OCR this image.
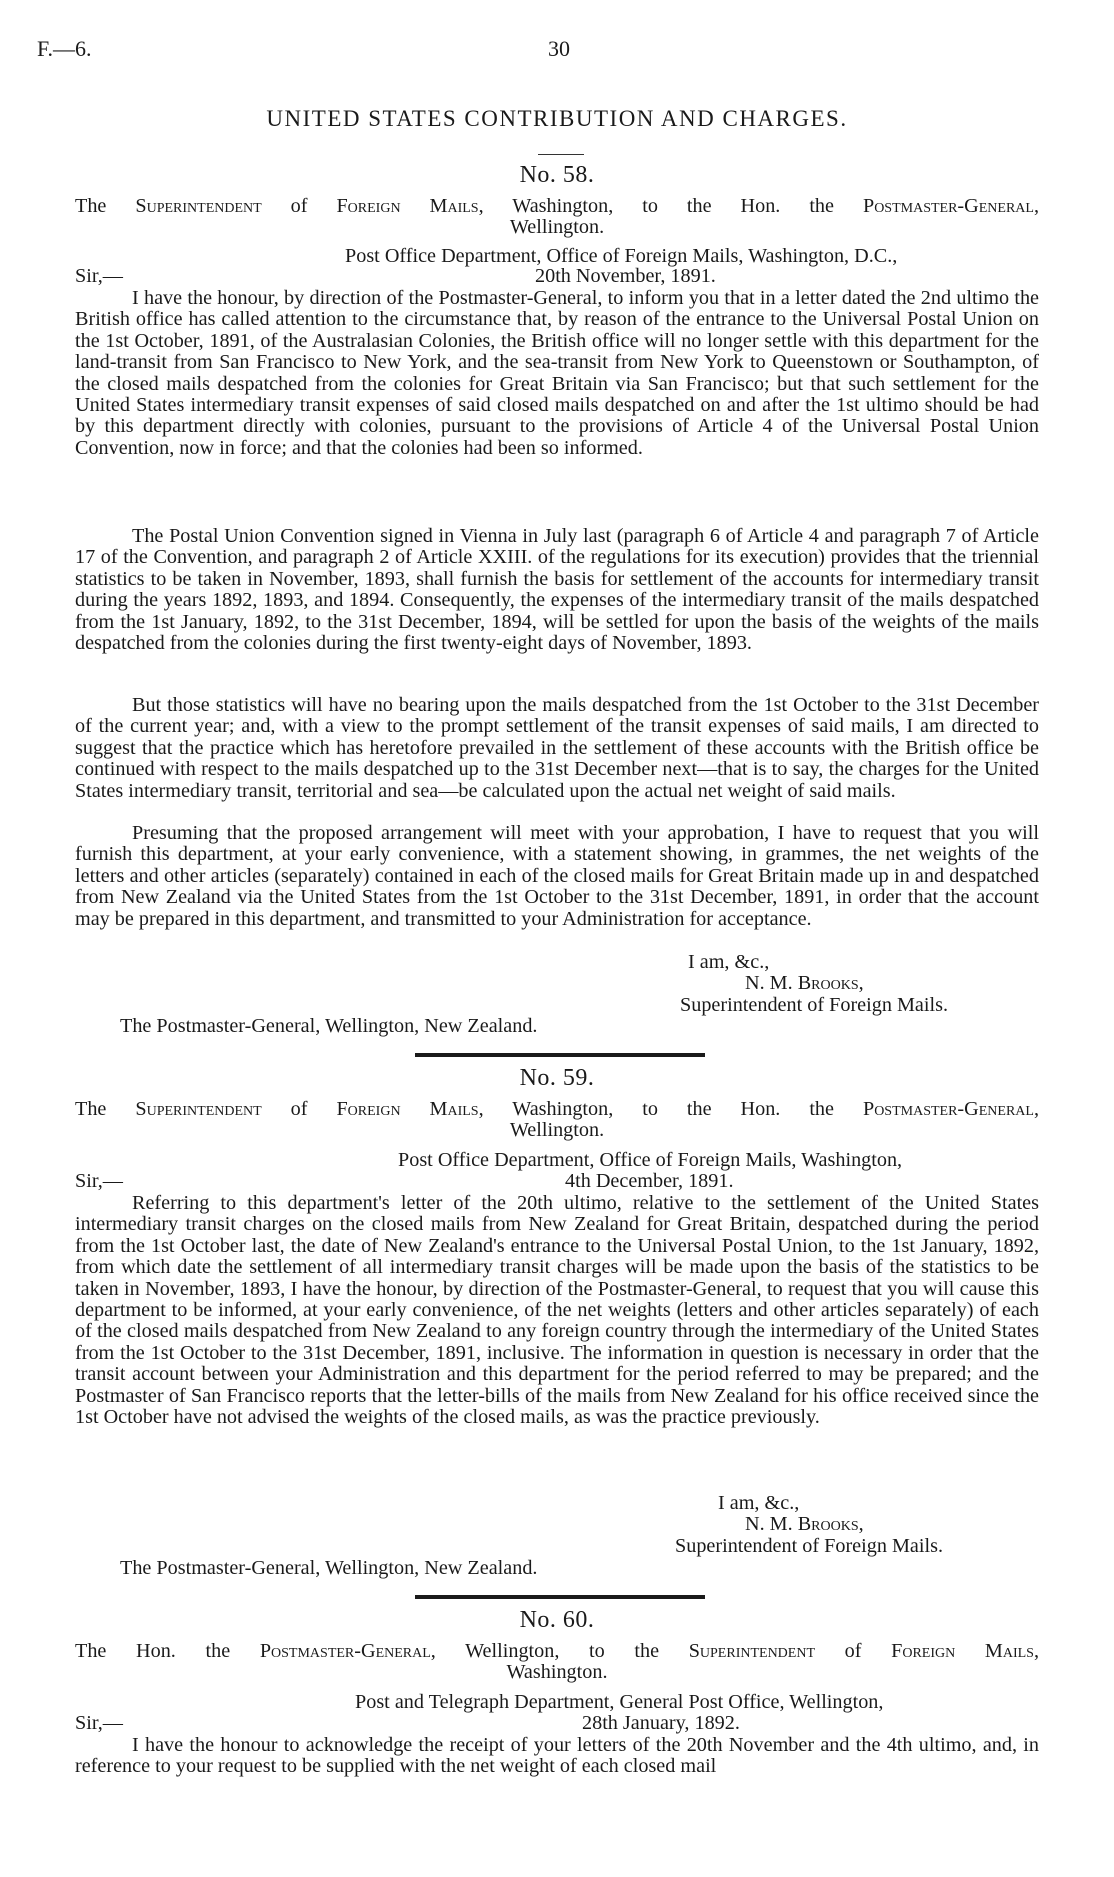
F.—6.	30
UNITED STATES CONTRIBUTION AND CHARGES.
No. 58.
The Superintendent of Foreign Mails, Washington, to the Hon. the Postmaster-General,
Wellington.
Post Office Department, Office of Foreign Mails, Washington, D.C.,
Sir,—	20th November, 1891.

I have the honour, by direction of the Postmaster-General, to inform you that in a letter dated the 2nd ultimo the British office has called attention to the circumstance that, by reason of the entrance to the Universal Postal Union on the 1st October, 1891, of the Australasian Colonies, the British office will no longer settle with this department for the land-transit from San Francisco to New York, and the sea-transit from New York to Queenstown or Southampton, of the closed mails despatched from the colonies for Great Britain via San Francisco; but that such settlement for the United States intermediary transit expenses of said closed mails despatched on and after the 1st ultimo should be had by this department directly with colonies, pursuant to the provisions of Article 4 of the Universal Postal Union Convention, now in force; and that the colonies had been so informed.

The Postal Union Convention signed in Vienna in July last (paragraph 6 of Article 4 and paragraph 7 of Article 17 of the Convention, and paragraph 2 of Article XXIII. of the regulations for its execution) provides that the triennial statistics to be taken in November, 1893, shall furnish the basis for settlement of the accounts for intermediary transit during the years 1892, 1893, and 1894. Consequently, the expenses of the intermediary transit of the mails despatched from the 1st January, 1892, to the 31st December, 1894, will be settled for upon the basis of the weights of the mails despatched from the colonies during the first twenty-eight days of November, 1893.

But those statistics will have no bearing upon the mails despatched from the 1st October to the 31st December of the current year; and, with a view to the prompt settlement of the transit expenses of said mails, I am directed to suggest that the practice which has heretofore prevailed in the settlement of these accounts with the British office be continued with respect to the mails despatched up to the 31st December next—that is to say, the charges for the United States intermediary transit, territorial and sea—be calculated upon the actual net weight of said mails.

Presuming that the proposed arrangement will meet with your approbation, I have to request that you will furnish this department, at your early convenience, with a statement showing, in grammes, the net weights of the letters and other articles (separately) contained in each of the closed mails for Great Britain made up in and despatched from New Zealand via the United States from the 1st October to the 31st December, 1891, in order that the account may be prepared in this department, and transmitted to your Administration for acceptance.

I am, &c.,
N. M. Brooks,
Superintendent of Foreign Mails.
The Postmaster-General, Wellington, New Zealand.
No. 59.
The Superintendent of Foreign Mails, Washington, to the Hon. the Postmaster-General,
Wellington.
Post Office Department, Office of Foreign Mails, Washington,
Sir,—	4th December, 1891.

Referring to this department's letter of the 20th ultimo, relative to the settlement of the United States intermediary transit charges on the closed mails from New Zealand for Great Britain, despatched during the period from the 1st October last, the date of New Zealand's entrance to the Universal Postal Union, to the 1st January, 1892, from which date the settlement of all intermediary transit charges will be made upon the basis of the statistics to be taken in November, 1893, I have the honour, by direction of the Postmaster-General, to request that you will cause this department to be informed, at your early convenience, of the net weights (letters and other articles separately) of each of the closed mails despatched from New Zealand to any foreign country through the intermediary of the United States from the 1st October to the 31st December, 1891, inclusive. The information in question is necessary in order that the transit account between your Administration and this department for the period referred to may be prepared; and the Postmaster of San Francisco reports that the letter-bills of the mails from New Zealand for his office received since the 1st October have not advised the weights of the closed mails, as was the practice previously.

I am, &c.,
N. M. Brooks,
Superintendent of Foreign Mails.
The Postmaster-General, Wellington, New Zealand.
No. 60.
The Hon. the Postmaster-General, Wellington, to the Superintendent of Foreign Mails,
Washington.
Post and Telegraph Department, General Post Office, Wellington,
Sir,—	28th January, 1892.

I have the honour to acknowledge the receipt of your letters of the 20th November and the 4th ultimo, and, in reference to your request to be supplied with the net weight of each closed mail
